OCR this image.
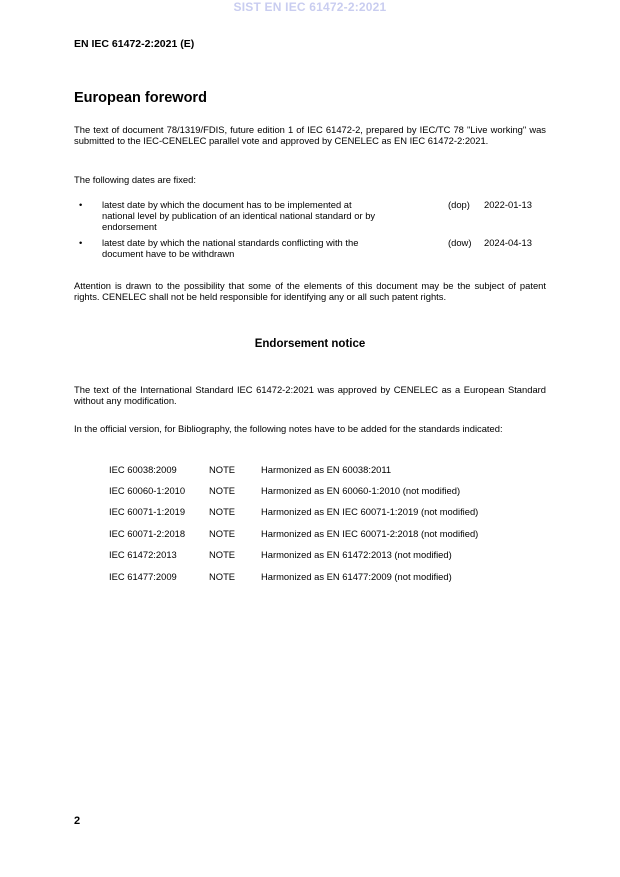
SIST EN IEC 61472-2:2021
EN IEC 61472-2:2021 (E)
European foreword
The text of document 78/1319/FDIS, future edition 1 of IEC 61472-2, prepared by IEC/TC 78 "Live working" was submitted to the IEC-CENELEC parallel vote and approved by CENELEC as EN IEC 61472-2:2021.
The following dates are fixed:
• latest date by which the document has to be implemented at national level by publication of an identical national standard or by endorsement
(dop) 2022-01-13
• latest date by which the national standards conflicting with the document have to be withdrawn
(dow) 2024-04-13
Attention is drawn to the possibility that some of the elements of this document may be the subject of patent rights. CENELEC shall not be held responsible for identifying any or all such patent rights.
Endorsement notice
The text of the International Standard IEC 61472-2:2021 was approved by CENELEC as a European Standard without any modification.
In the official version, for Bibliography, the following notes have to be added for the standards indicated:
IEC 60038:2009	NOTE	Harmonized as EN 60038:2011
IEC 60060-1:2010	NOTE	Harmonized as EN 60060-1:2010 (not modified)
IEC 60071-1:2019	NOTE	Harmonized as EN IEC 60071-1:2019 (not modified)
IEC 60071-2:2018	NOTE	Harmonized as EN IEC 60071-2:2018 (not modified)
IEC 61472:2013	NOTE	Harmonized as EN 61472:2013 (not modified)
IEC 61477:2009	NOTE	Harmonized as EN 61477:2009 (not modified)
2
